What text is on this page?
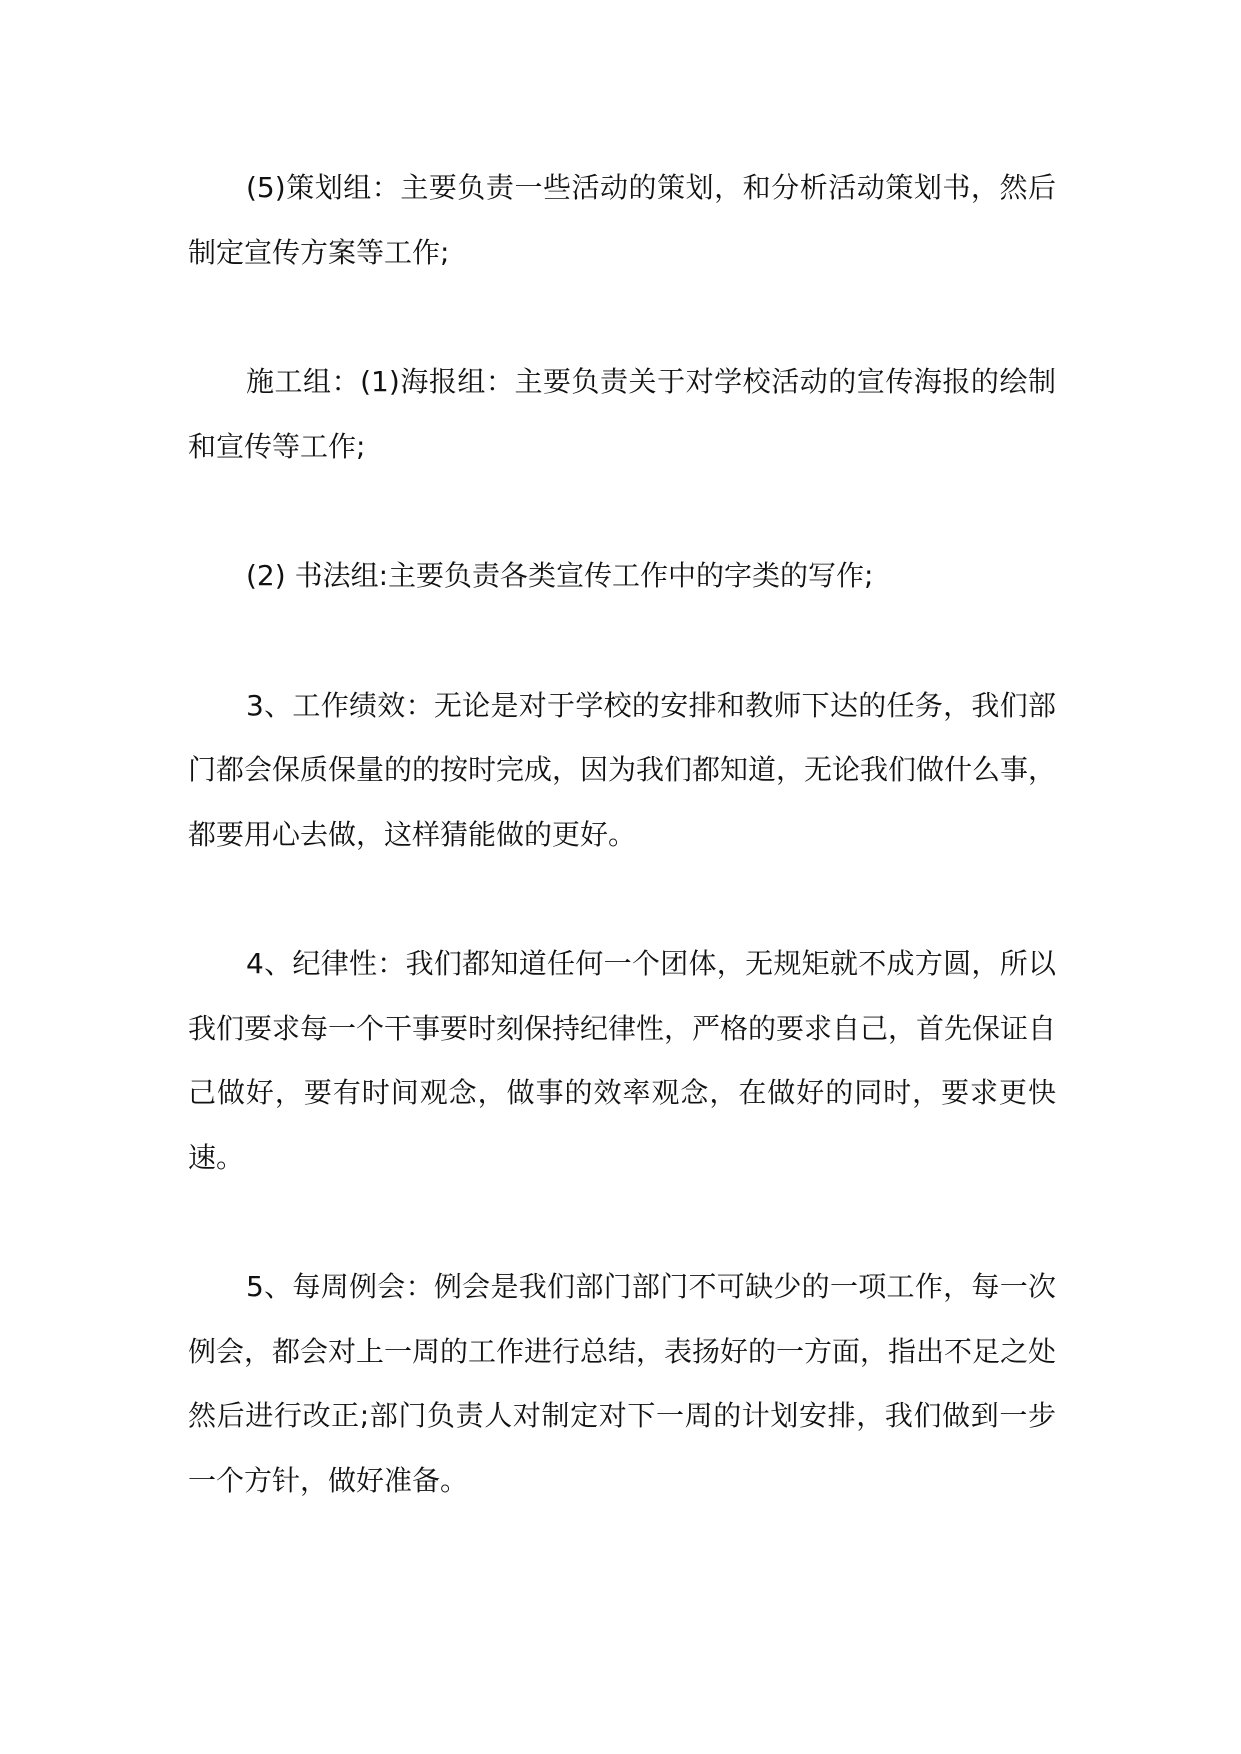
(5)策划组：主要负责一些活动的策划，和分析活动策划书，然后制定宣传方案等工作;

施工组：(1)海报组：主要负责关于对学校活动的宣传海报的绘制和宣传等工作;

(2) 书法组:主要负责各类宣传工作中的字类的写作;

3、工作绩效：无论是对于学校的安排和教师下达的任务，我们部门都会保质保量的的按时完成，因为我们都知道，无论我们做什么事，都要用心去做，这样猜能做的更好。

4、纪律性：我们都知道任何一个团体，无规矩就不成方圆，所以我们要求每一个干事要时刻保持纪律性，严格的要求自己，首先保证自己做好，要有时间观念，做事的效率观念，在做好的同时，要求更快速。

5、每周例会：例会是我们部门部门不可缺少的一项工作，每一次例会，都会对上一周的工作进行总结，表扬好的一方面，指出不足之处然后进行改正;部门负责人对制定对下一周的计划安排，我们做到一步一个方针，做好准备。
